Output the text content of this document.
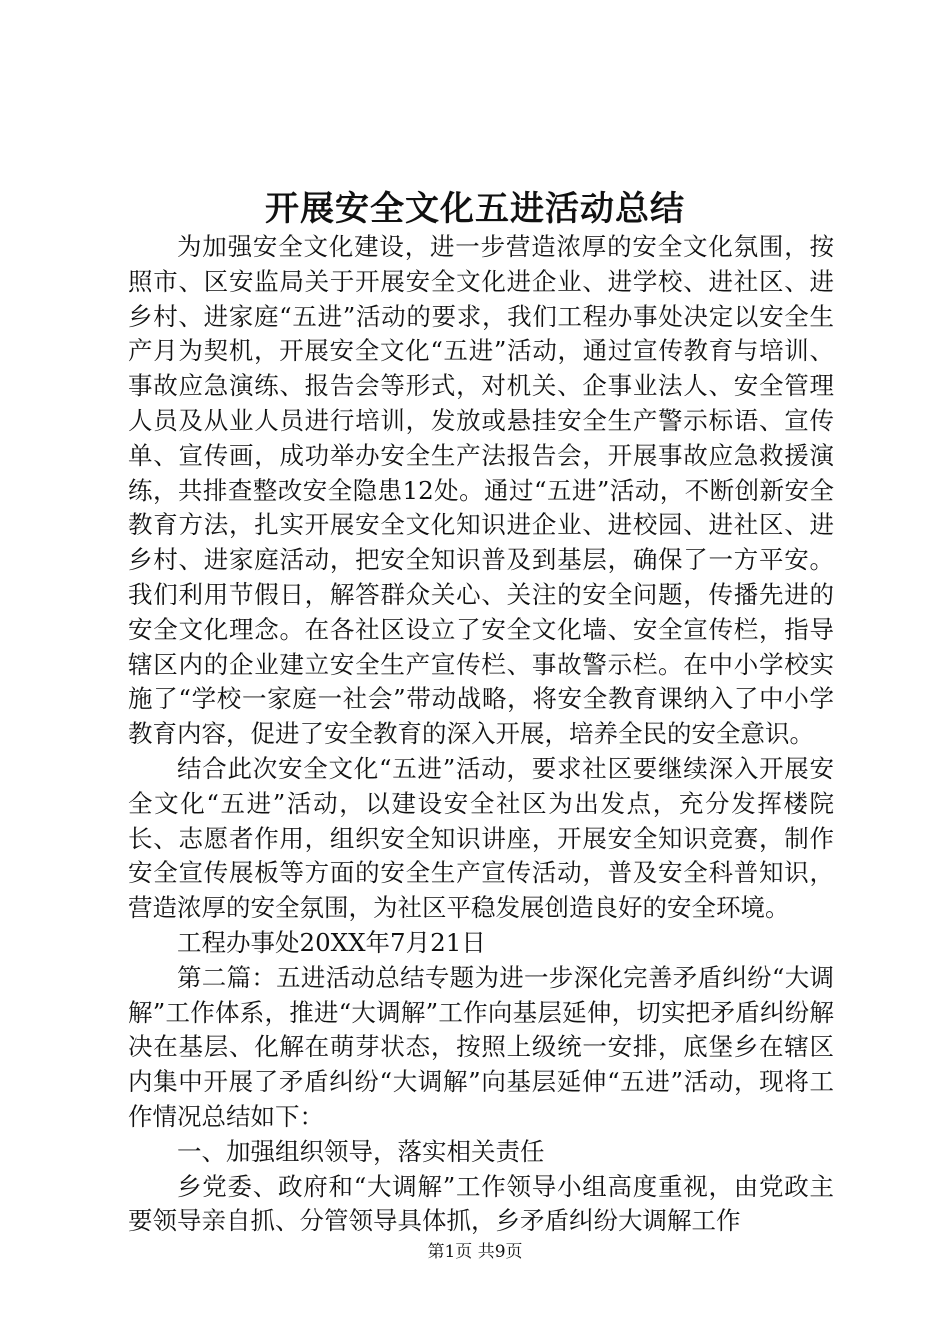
开展安全文化五进活动总结

为加强安全文化建设，进一步营造浓厚的安全文化氛围，按照市、区安监局关于开展安全文化进企业、进学校、进社区、进乡村、进家庭“五进”活动的要求，我们工程办事处决定以安全生产月为契机，开展安全文化“五进”活动，通过宣传教育与培训、事故应急演练、报告会等形式，对机关、企事业法人、安全管理人员及从业人员进行培训，发放或悬挂安全生产警示标语、宣传单、宣传画，成功举办安全生产法报告会，开展事故应急救援演练，共排查整改安全隐患12处。通过“五进”活动，不断创新安全教育方法，扎实开展安全文化知识进企业、进校园、进社区、进乡村、进家庭活动，把安全知识普及到基层，确保了一方平安。我们利用节假日，解答群众关心、关注的安全问题，传播先进的安全文化理念。在各社区设立了安全文化墙、安全宣传栏，指导辖区内的企业建立安全生产宣传栏、事故警示栏。在中小学校实施了“学校一家庭一社会”带动战略，将安全教育课纳入了中小学教育内容，促进了安全教育的深入开展，培养全民的安全意识。

结合此次安全文化“五进”活动，要求社区要继续深入开展安全文化“五进”活动，以建设安全社区为出发点，充分发挥楼院长、志愿者作用，组织安全知识讲座，开展安全知识竞赛，制作安全宣传展板等方面的安全生产宣传活动，普及安全科普知识，营造浓厚的安全氛围，为社区平稳发展创造良好的安全环境。

工程办事处20XX年7月21日

第二篇：五进活动总结专题为进一步深化完善矛盾纠纷“大调解”工作体系，推进“大调解”工作向基层延伸，切实把矛盾纠纷解决在基层、化解在萌芽状态，按照上级统一安排，底堡乡在辖区内集中开展了矛盾纠纷“大调解”向基层延伸“五进”活动，现将工作情况总结如下：

一、加强组织领导，落实相关责任

乡党委、政府和“大调解”工作领导小组高度重视，由党政主要领导亲自抓、分管领导具体抓，乡矛盾纠纷大调解工作

第1页 共9页
